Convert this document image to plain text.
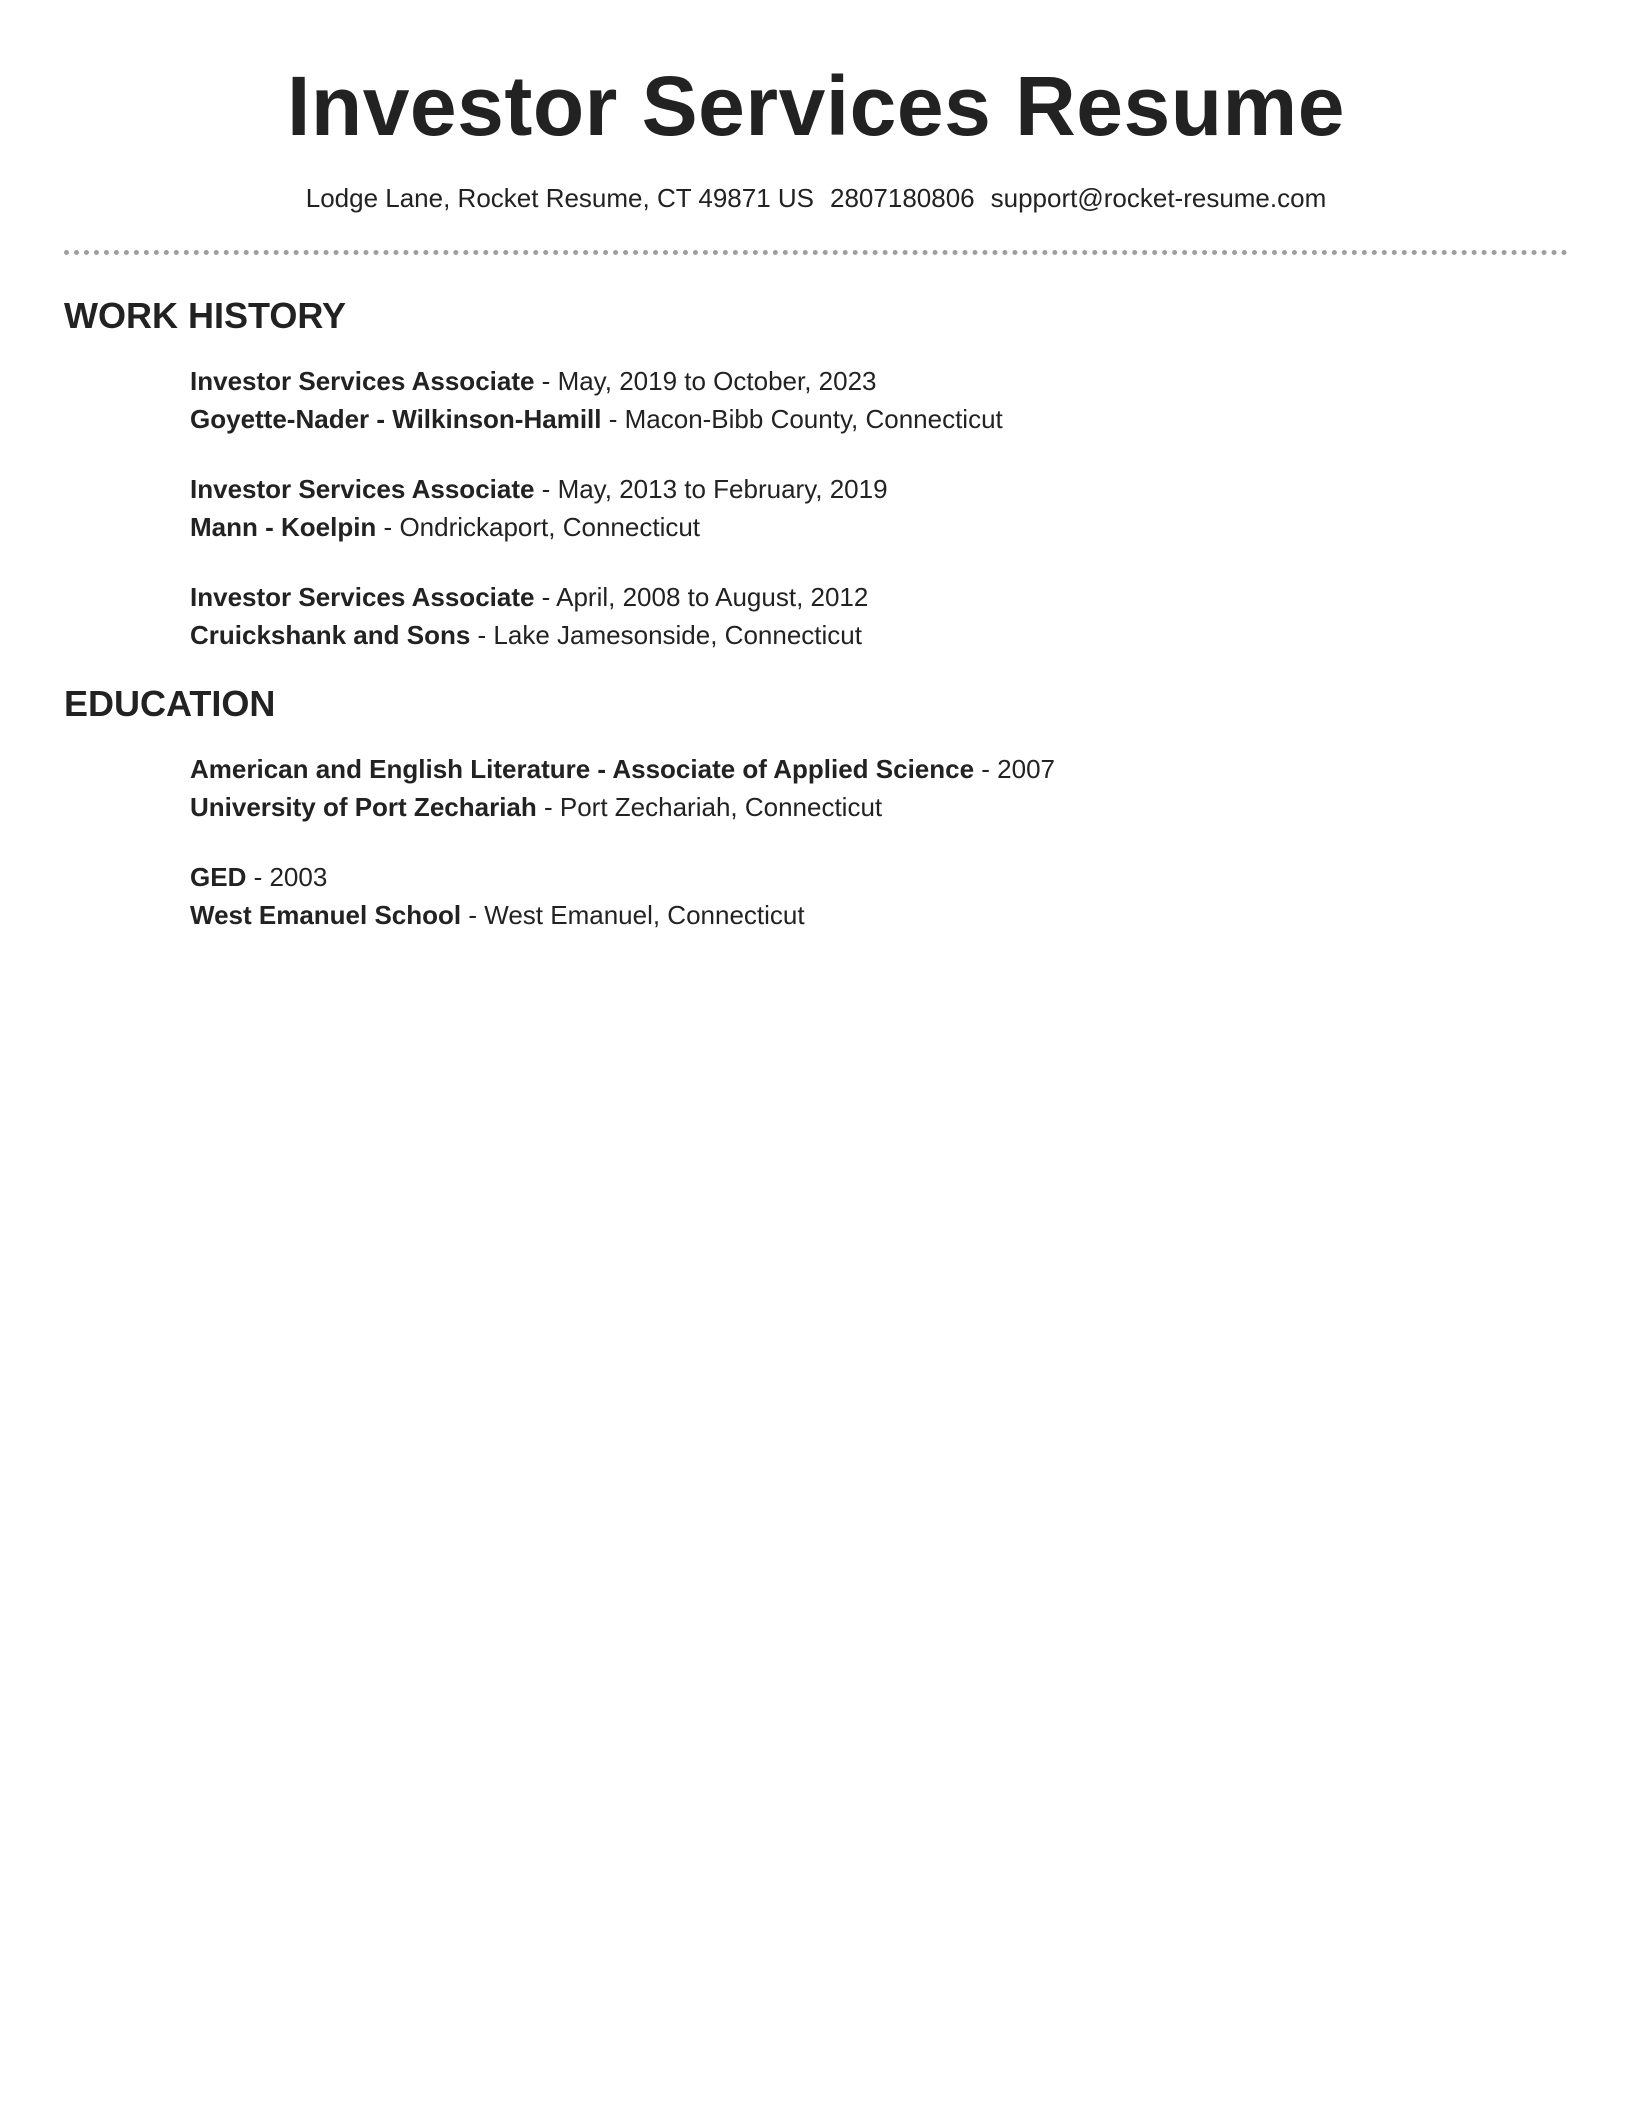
Investor Services Resume
Lodge Lane, Rocket Resume, CT 49871 US 2807180806 support@rocket-resume.com
WORK HISTORY
Investor Services Associate - May, 2019 to October, 2023
Goyette-Nader - Wilkinson-Hamill - Macon-Bibb County, Connecticut
Investor Services Associate - May, 2013 to February, 2019
Mann - Koelpin - Ondrickaport, Connecticut
Investor Services Associate - April, 2008 to August, 2012
Cruickshank and Sons - Lake Jamesonside, Connecticut
EDUCATION
American and English Literature - Associate of Applied Science - 2007
University of Port Zechariah - Port Zechariah, Connecticut
GED - 2003
West Emanuel School - West Emanuel, Connecticut
